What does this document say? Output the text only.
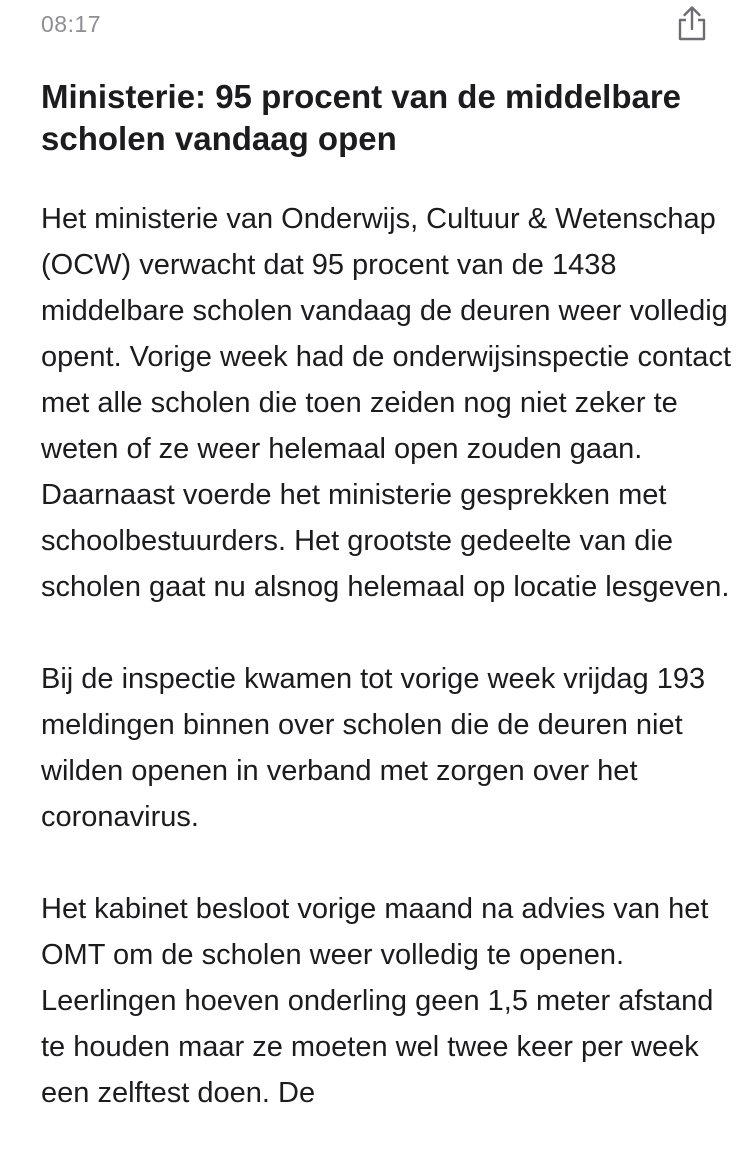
08:17
Ministerie: 95 procent van de middelbare scholen vandaag open

Het ministerie van Onderwijs, Cultuur & Wetenschap (OCW) verwacht dat 95 procent van de 1438 middelbare scholen vandaag de deuren weer volledig opent. Vorige week had de onderwijsinspectie contact met alle scholen die toen zeiden nog niet zeker te weten of ze weer helemaal open zouden gaan. Daarnaast voerde het ministerie gesprekken met schoolbestuurders. Het grootste gedeelte van die scholen gaat nu alsnog helemaal op locatie lesgeven.

Bij de inspectie kwamen tot vorige week vrijdag 193 meldingen binnen over scholen die de deuren niet wilden openen in verband met zorgen over het coronavirus.

Het kabinet besloot vorige maand na advies van het OMT om de scholen weer volledig te openen. Leerlingen hoeven onderling geen 1,5 meter afstand te houden maar ze moeten wel twee keer per week een zelftest doen. De
